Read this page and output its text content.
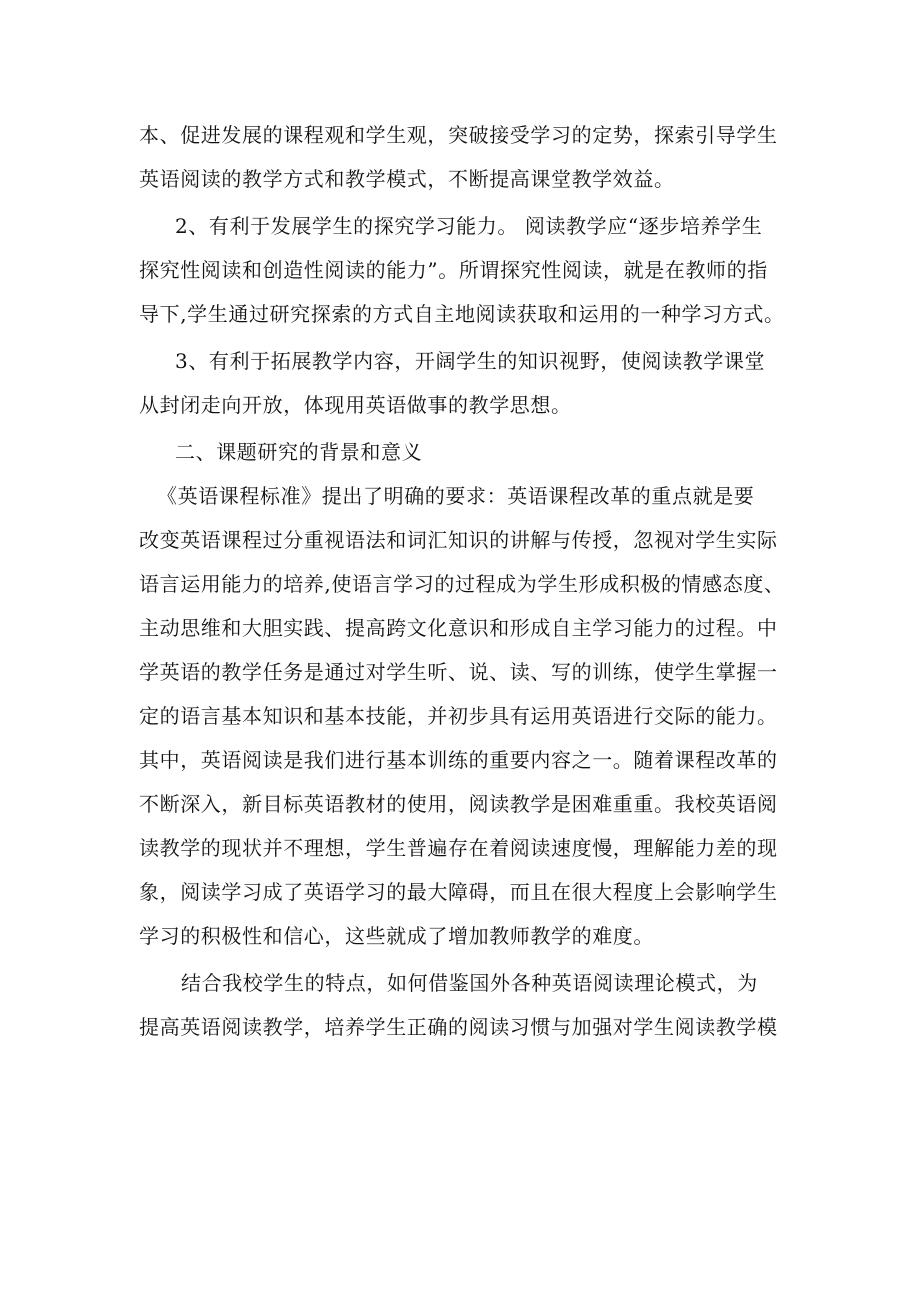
本、促进发展的课程观和学生观，突破接受学习的定势，探索引导学生

英语阅读的教学方式和教学模式，不断提高课堂教学效益。

2、有利于发展学生的探究学习能力。 阅读教学应“逐步培养学生

探究性阅读和创造性阅读的能力”。所谓探究性阅读，就是在教师的指

导下,学生通过研究探索的方式自主地阅读获取和运用的一种学习方式。

3、有利于拓展教学内容，开阔学生的知识视野，使阅读教学课堂

从封闭走向开放，体现用英语做事的教学思想。

二、课题研究的背景和意义

《英语课程标准》提出了明确的要求：英语课程改革的重点就是要

改变英语课程过分重视语法和词汇知识的讲解与传授，忽视对学生实际

语言运用能力的培养,使语言学习的过程成为学生形成积极的情感态度、

主动思维和大胆实践、提高跨文化意识和形成自主学习能力的过程。中

学英语的教学任务是通过对学生听、说、读、写的训练，使学生掌握一

定的语言基本知识和基本技能，并初步具有运用英语进行交际的能力。

其中，英语阅读是我们进行基本训练的重要内容之一。随着课程改革的

不断深入，新目标英语教材的使用，阅读教学是困难重重。我校英语阅

读教学的现状并不理想，学生普遍存在着阅读速度慢，理解能力差的现

象，阅读学习成了英语学习的最大障碍，而且在很大程度上会影响学生

学习的积极性和信心，这些就成了增加教师教学的难度。

结合我校学生的特点，如何借鉴国外各种英语阅读理论模式，为

提高英语阅读教学，培养学生正确的阅读习惯与加强对学生阅读教学模
